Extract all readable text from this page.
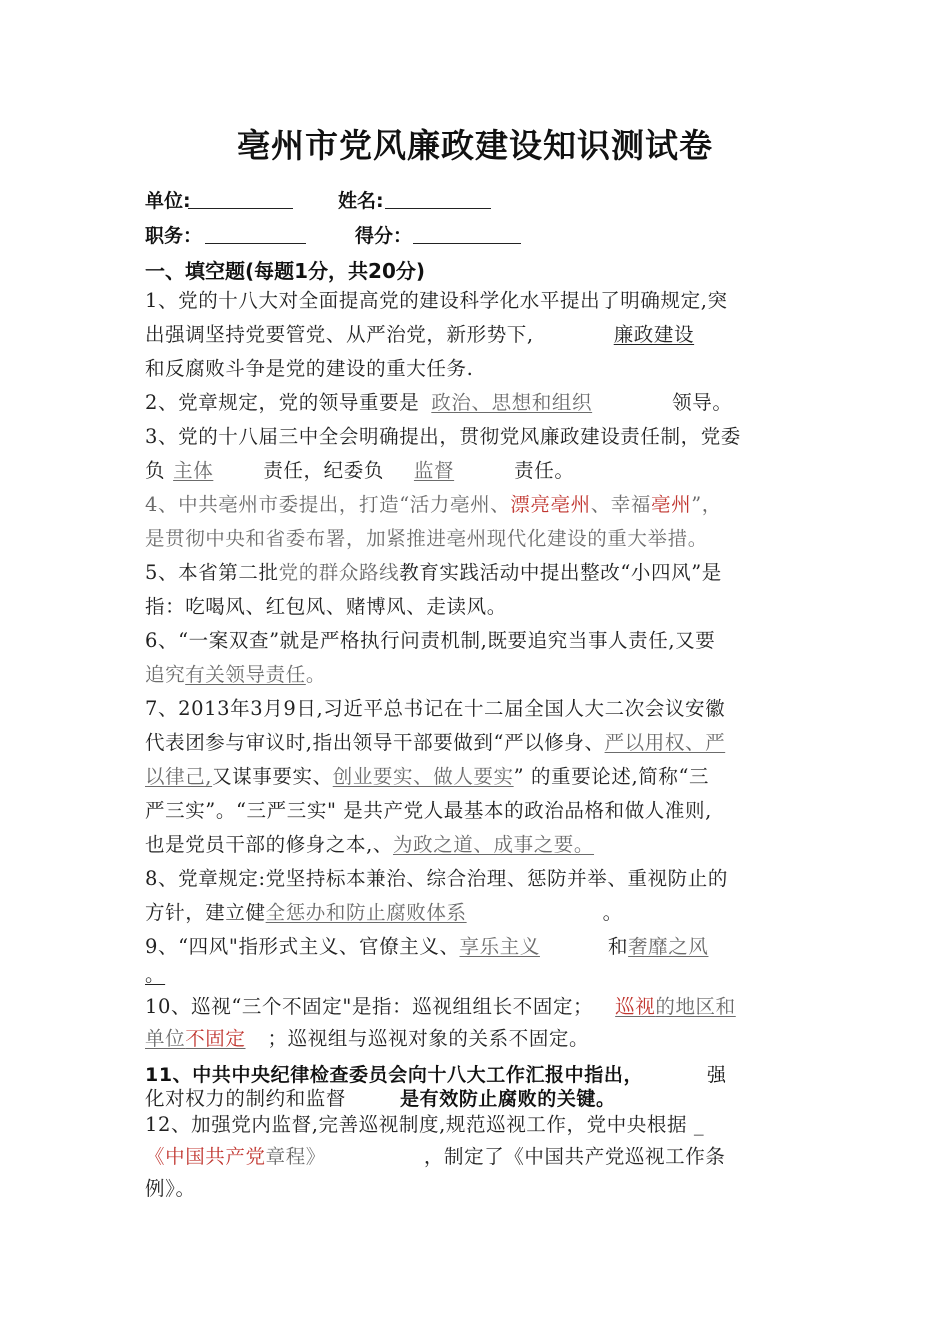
亳州市党风廉政建设知识测试卷
单位:	姓名:
职务：	得分：
一、填空题(每题1分，共20分)
1、党的十八大对全面提高党的建设科学化水平提出了明确规定,突
出强调坚持党要管党、从严治党，新形势下,	廉政建设
和反腐败斗争是党的建设的重大任务.
2、党章规定，党的领导重要是 政治、思想和组织	领导。
3、党的十八届三中全会明确提出，贯彻党风廉政建设责任制，党委
负 主体	责任，纪委负 监督	责任。
4、中共亳州市委提出，打造“活力亳州、漂亮亳州、幸福亳州”，
是贯彻中央和省委布署，加紧推进亳州现代化建设的重大举措。
5、本省第二批党的群众路线教育实践活动中提出整改“小四风”是
指：吃喝风、红包风、赌博风、走读风。
6、“一案双查”就是严格执行问责机制,既要追究当事人责任,又要
追究有关领导责任。
7、2013年3月9日,习近平总书记在十二届全国人大二次会议安徽
代表团参与审议时,指出领导干部要做到“严以修身、严以用权、严
以律己,又谋事要实、创业要实、做人要实” 的重要论述,简称“三
严三实”。“三严三实" 是共产党人最基本的政治品格和做人准则,
也是党员干部的修身之本,、为政之道、成事之要。
8、党章规定:党坚持标本兼治、综合治理、惩防并举、重视防止的
方针，建立健全惩办和防止腐败体系	。
9、“四风"指形式主义、官僚主义、享乐主义	和奢靡之风
。
10、巡视“三个不固定"是指：巡视组组长不固定； 巡视的地区和
单位不固定 ；巡视组与巡视对象的关系不固定。
11、中共中央纪律检查委员会向十八大工作汇报中指出，	强
化对权力的制约和监督	是有效防止腐败的关键。
12、加强党内监督,完善巡视制度,规范巡视工作，党中央根据 _
《中国共产党章程》	，制定了《中国共产党巡视工作条
例》。
